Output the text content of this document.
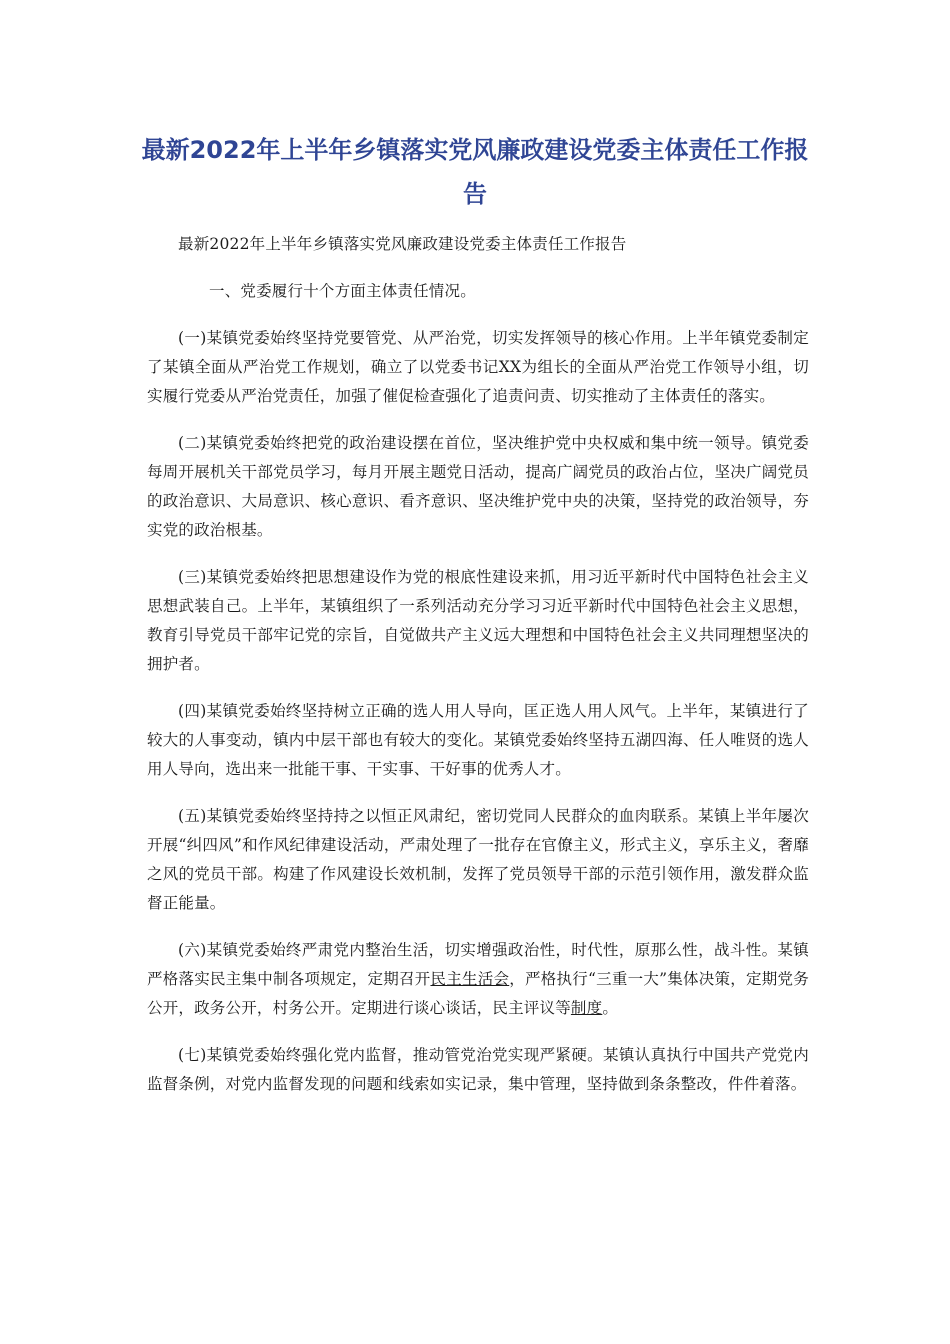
最新2022年上半年乡镇落实党风廉政建设党委主体责任工作报告

最新2022年上半年乡镇落实党风廉政建设党委主体责任工作报告

一、党委履行十个方面主体责任情况。

(一)某镇党委始终坚持党要管党、从严治党，切实发挥领导的核心作用。上半年镇党委制定了某镇全面从严治党工作规划，确立了以党委书记XX为组长的全面从严治党工作领导小组，切实履行党委从严治党责任，加强了催促检查强化了追责问责、切实推动了主体责任的落实。

(二)某镇党委始终把党的政治建设摆在首位，坚决维护党中央权威和集中统一领导。镇党委每周开展机关干部党员学习，每月开展主题党日活动，提高广阔党员的政治占位，坚决广阔党员的政治意识、大局意识、核心意识、看齐意识、坚决维护党中央的决策，坚持党的政治领导，夯实党的政治根基。

(三)某镇党委始终把思想建设作为党的根底性建设来抓，用习近平新时代中国特色社会主义思想武装自己。上半年，某镇组织了一系列活动充分学习习近平新时代中国特色社会主义思想，教育引导党员干部牢记党的宗旨，自觉做共产主义远大理想和中国特色社会主义共同理想坚决的拥护者。

(四)某镇党委始终坚持树立正确的选人用人导向，匡正选人用人风气。上半年，某镇进行了较大的人事变动，镇内中层干部也有较大的变化。某镇党委始终坚持五湖四海、任人唯贤的选人用人导向，选出来一批能干事、干实事、干好事的优秀人才。

(五)某镇党委始终坚持持之以恒正风肃纪，密切党同人民群众的血肉联系。某镇上半年屡次开展“纠四风”和作风纪律建设活动，严肃处理了一批存在官僚主义，形式主义，享乐主义，奢靡之风的党员干部。构建了作风建设长效机制，发挥了党员领导干部的示范引领作用，激发群众监督正能量。

(六)某镇党委始终严肃党内整治生活，切实增强政治性，时代性，原那么性，战斗性。某镇严格落实民主集中制各项规定，定期召开民主生活会，严格执行“三重一大”集体决策，定期党务公开，政务公开，村务公开。定期进行谈心谈话，民主评议等制度。

(七)某镇党委始终强化党内监督，推动管党治党实现严紧硬。某镇认真执行中国共产党党内监督条例，对党内监督发现的问题和线索如实记录，集中管理，坚持做到条条整改，件件着落。
